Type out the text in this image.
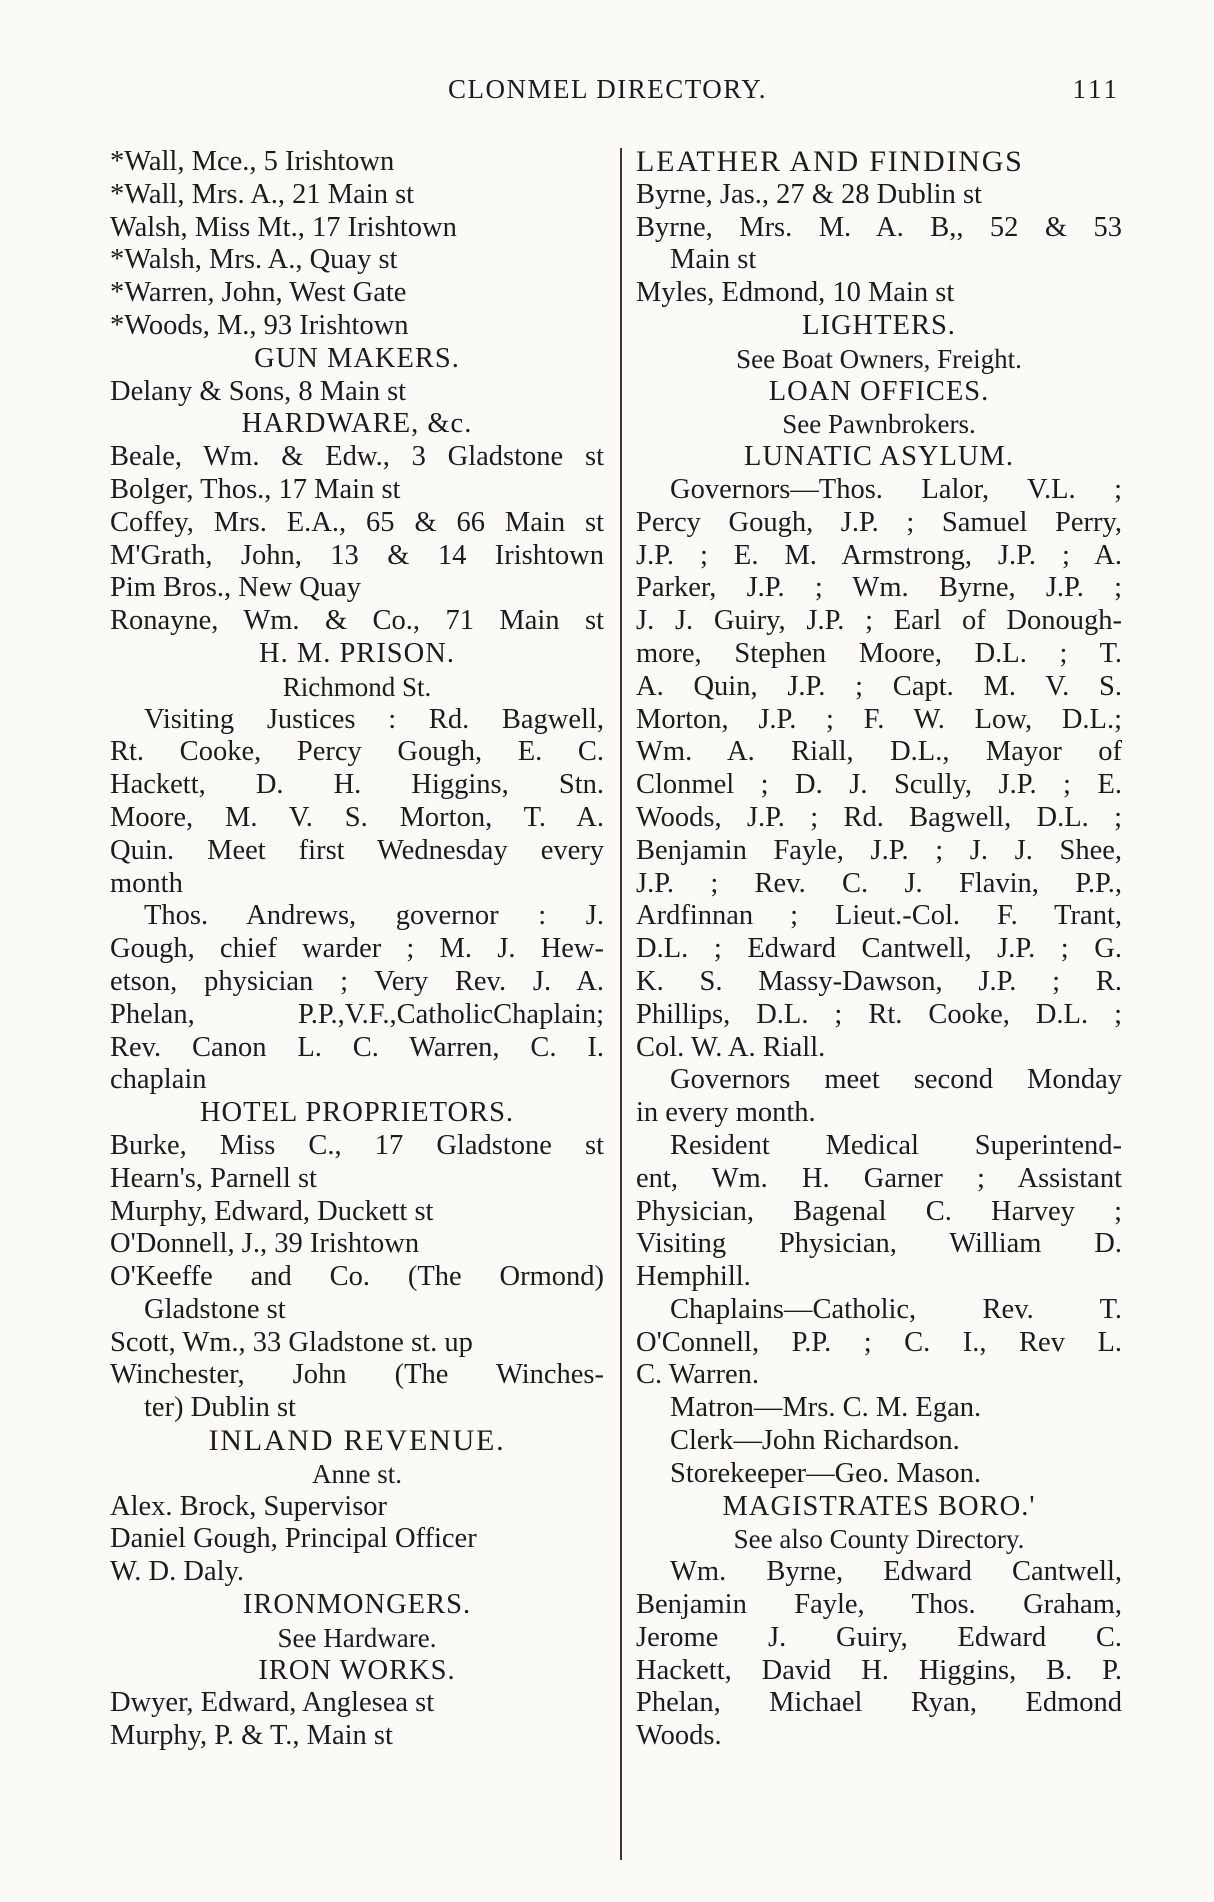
CLONMEL DIRECTORY.	111
*Wall, Mce., 5 Irishtown
*Wall, Mrs. A., 21 Main st
Walsh, Miss Mt., 17 Irishtown
*Walsh, Mrs. A., Quay st
*Warren, John, West Gate
*Woods, M., 93 Irishtown
GUN MAKERS.
Delany & Sons, 8 Main st
HARDWARE, &c.
Beale, Wm. & Edw., 3 Gladstone st
Bolger, Thos., 17 Main st
Coffey, Mrs. E.A., 65 & 66 Main st
M'Grath, John, 13 & 14 Irishtown
Pim Bros., New Quay
Ronayne, Wm. & Co., 71 Main st
H. M. PRISON.
Richmond St.
Visiting Justices : Rd. Bagwell,
Rt. Cooke, Percy Gough, E. C.
Hackett, D. H. Higgins, Stn.
Moore, M. V. S. Morton, T. A.
Quin. Meet first Wednesday every
month
Thos. Andrews, governor : J.
Gough, chief warder ; M. J. Hew-
etson, physician ; Very Rev. J. A.
Phelan, P.P.,V.F.,CatholicChaplain;
Rev. Canon L. C. Warren, C. I.
chaplain
HOTEL PROPRIETORS.
Burke, Miss C., 17 Gladstone st
Hearn's, Parnell st
Murphy, Edward, Duckett st
O'Donnell, J., 39 Irishtown
O'Keeffe and Co. (The Ormond)
Gladstone st
Scott, Wm., 33 Gladstone st. up
Winchester, John (The Winches-
ter) Dublin st
INLAND REVENUE.
Anne st.
Alex. Brock, Supervisor
Daniel Gough, Principal Officer
W. D. Daly.
IRONMONGERS.
See Hardware.
IRON WORKS.
Dwyer, Edward, Anglesea st
Murphy, P. & T., Main st
LEATHER AND FINDINGS
Byrne, Jas., 27 & 28 Dublin st
Byrne, Mrs. M. A. B,, 52 & 53
Main st
Myles, Edmond, 10 Main st
LIGHTERS.
See Boat Owners, Freight.
LOAN OFFICES.
See Pawnbrokers.
LUNATIC ASYLUM.
Governors—Thos. Lalor, V.L. ;
Percy Gough, J.P. ; Samuel Perry,
J.P. ; E. M. Armstrong, J.P. ; A.
Parker, J.P. ; Wm. Byrne, J.P. ;
J. J. Guiry, J.P. ; Earl of Donough-
more, Stephen Moore, D.L. ; T.
A. Quin, J.P. ; Capt. M. V. S.
Morton, J.P. ; F. W. Low, D.L.;
Wm. A. Riall, D.L., Mayor of
Clonmel ; D. J. Scully, J.P. ; E.
Woods, J.P. ; Rd. Bagwell, D.L. ;
Benjamin Fayle, J.P. ; J. J. Shee,
J.P. ; Rev. C. J. Flavin, P.P.,
Ardfinnan ; Lieut.-Col. F. Trant,
D.L. ; Edward Cantwell, J.P. ; G.
K. S. Massy-Dawson, J.P. ; R.
Phillips, D.L. ; Rt. Cooke, D.L. ;
Col. W. A. Riall.
Governors meet second Monday
in every month.
Resident Medical Superintend-
ent, Wm. H. Garner ; Assistant
Physician, Bagenal C. Harvey ;
Visiting Physician, William D.
Hemphill.
Chaplains—Catholic, Rev. T.
O'Connell, P.P. ; C. I., Rev L.
C. Warren.
Matron—Mrs. C. M. Egan.
Clerk—John Richardson.
Storekeeper—Geo. Mason.
MAGISTRATES BORO.'
See also County Directory.
Wm. Byrne, Edward Cantwell,
Benjamin Fayle, Thos. Graham,
Jerome J. Guiry, Edward C.
Hackett, David H. Higgins, B. P.
Phelan, Michael Ryan, Edmond
Woods.
